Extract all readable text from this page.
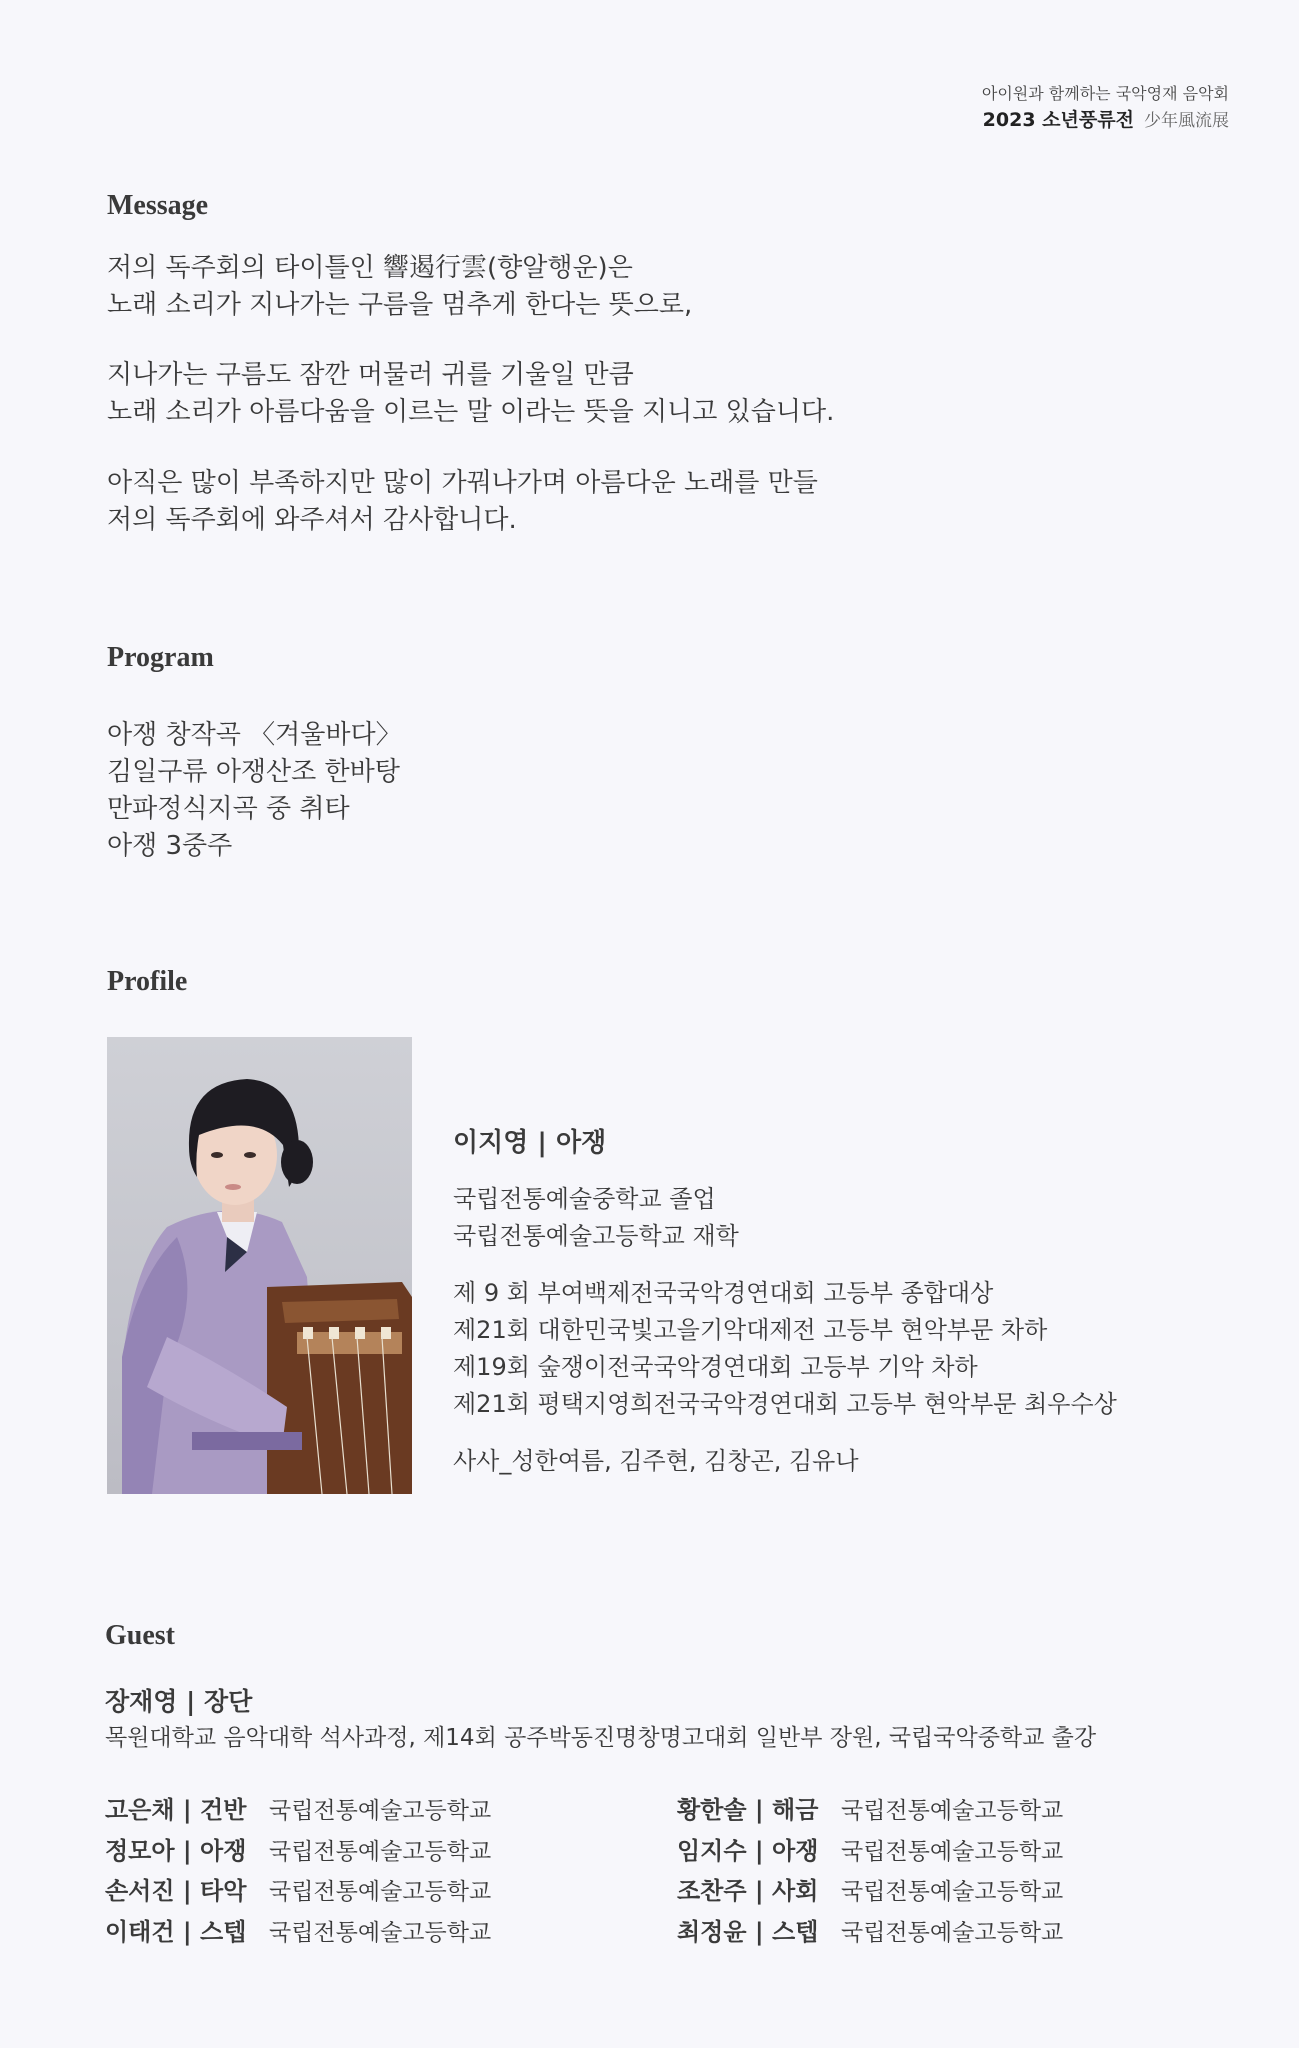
아이원과 함께하는 국악영재 음악회
2023 소년풍류전 少年風流展
Message
저의 독주회의 타이틀인 響遏行雲(향알행운)은
노래 소리가 지나가는 구름을 멈추게 한다는 뜻으로,
지나가는 구름도 잠깐 머물러 귀를 기울일 만큼
노래 소리가 아름다움을 이르는 말 이라는 뜻을 지니고 있습니다.
아직은 많이 부족하지만 많이 가꿔나가며 아름다운 노래를 만들
저의 독주회에 와주셔서 감사합니다.
Program
아쟁 창작곡 〈겨울바다〉
김일구류 아쟁산조 한바탕
만파정식지곡 중 취타
아쟁 3중주
Profile
이지영 | 아쟁
국립전통예술중학교 졸업
국립전통예술고등학교 재학
제 9 회 부여백제전국국악경연대회 고등부 종합대상
제21회 대한민국빛고을기악대제전 고등부 현악부문 차하
제19회 숲쟁이전국국악경연대회 고등부 기악 차하
제21회 평택지영희전국국악경연대회 고등부 현악부문 최우수상
사사_성한여름, 김주현, 김창곤, 김유나
Guest
장재영 | 장단
목원대학교 음악대학 석사과정, 제14회 공주박동진명창명고대회 일반부 장원, 국립국악중학교 출강
고은채 | 건반 국립전통예술고등학교
정모아 | 아쟁 국립전통예술고등학교
손서진 | 타악 국립전통예술고등학교
이태건 | 스텝 국립전통예술고등학교
황한솔 | 해금 국립전통예술고등학교
임지수 | 아쟁 국립전통예술고등학교
조찬주 | 사회 국립전통예술고등학교
최정윤 | 스텝 국립전통예술고등학교
